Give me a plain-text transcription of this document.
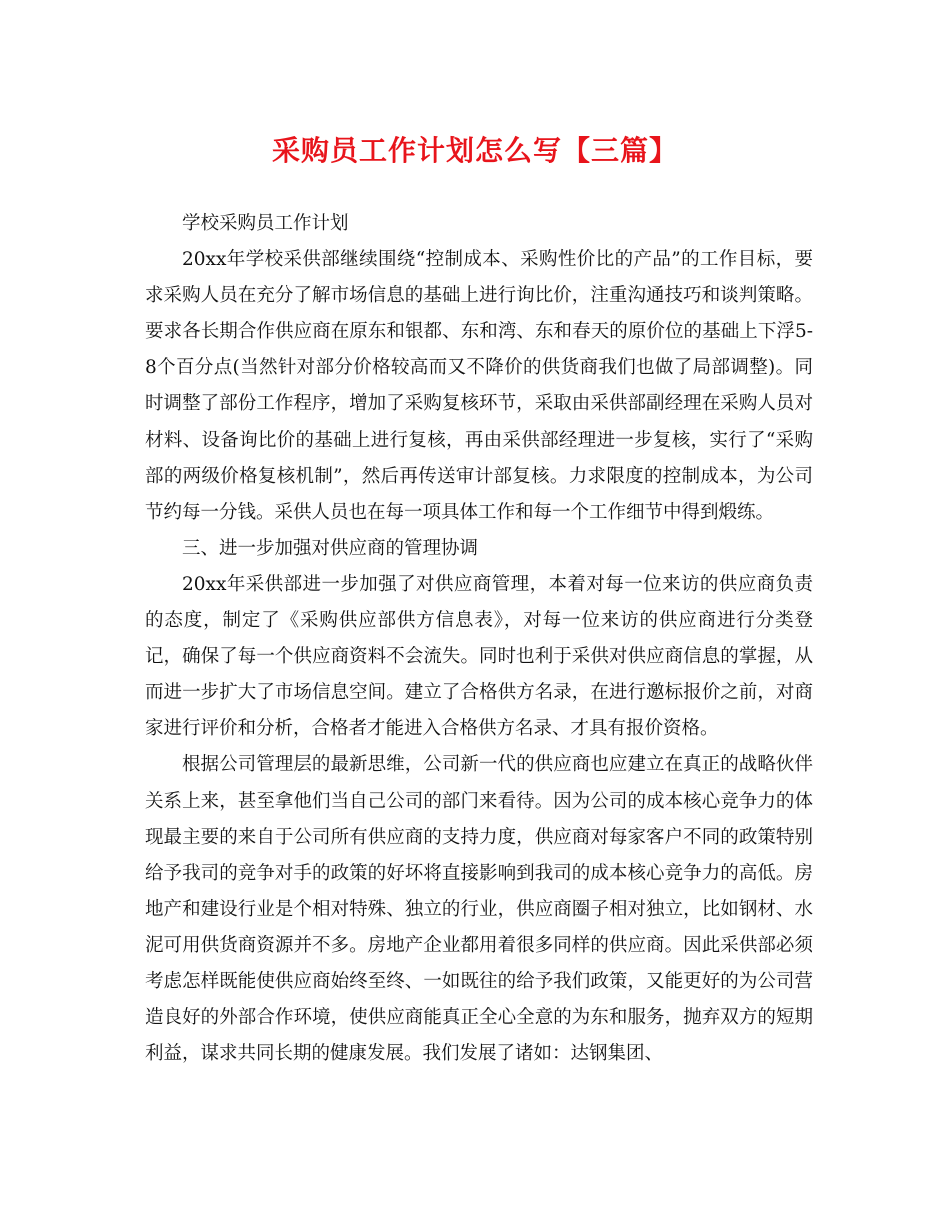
采购员工作计划怎么写【三篇】

学校采购员工作计划

20xx年学校采供部继续围绕“控制成本、采购性价比的产品”的工作目标，要求采购人员在充分了解市场信息的基础上进行询比价，注重沟通技巧和谈判策略。要求各长期合作供应商在原东和银都、东和湾、东和春天的原价位的基础上下浮5-8个百分点(当然针对部分价格较高而又不降价的供货商我们也做了局部调整)。同时调整了部份工作程序，增加了采购复核环节，采取由采供部副经理在采购人员对材料、设备询比价的基础上进行复核，再由采供部经理进一步复核，实行了“采购部的两级价格复核机制”，然后再传送审计部复核。力求限度的控制成本，为公司节约每一分钱。采供人员也在每一项具体工作和每一个工作细节中得到煅练。

三、进一步加强对供应商的管理协调

20xx年采供部进一步加强了对供应商管理，本着对每一位来访的供应商负责的态度，制定了《采购供应部供方信息表》，对每一位来访的供应商进行分类登记，确保了每一个供应商资料不会流失。同时也利于采供对供应商信息的掌握，从而进一步扩大了市场信息空间。建立了合格供方名录，在进行邀标报价之前，对商家进行评价和分析，合格者才能进入合格供方名录、才具有报价资格。

根据公司管理层的最新思维，公司新一代的供应商也应建立在真正的战略伙伴关系上来，甚至拿他们当自己公司的部门来看待。因为公司的成本核心竞争力的体现最主要的来自于公司所有供应商的支持力度，供应商对每家客户不同的政策特别给予我司的竞争对手的政策的好坏将直接影响到我司的成本核心竞争力的高低。房地产和建设行业是个相对特殊、独立的行业，供应商圈子相对独立，比如钢材、水泥可用供货商资源并不多。房地产企业都用着很多同样的供应商。因此采供部必须考虑怎样既能使供应商始终至终、一如既往的给予我们政策，又能更好的为公司营造良好的外部合作环境，使供应商能真正全心全意的为东和服务，抛弃双方的短期利益，谋求共同长期的健康发展。我们发展了诸如：达钢集团、
